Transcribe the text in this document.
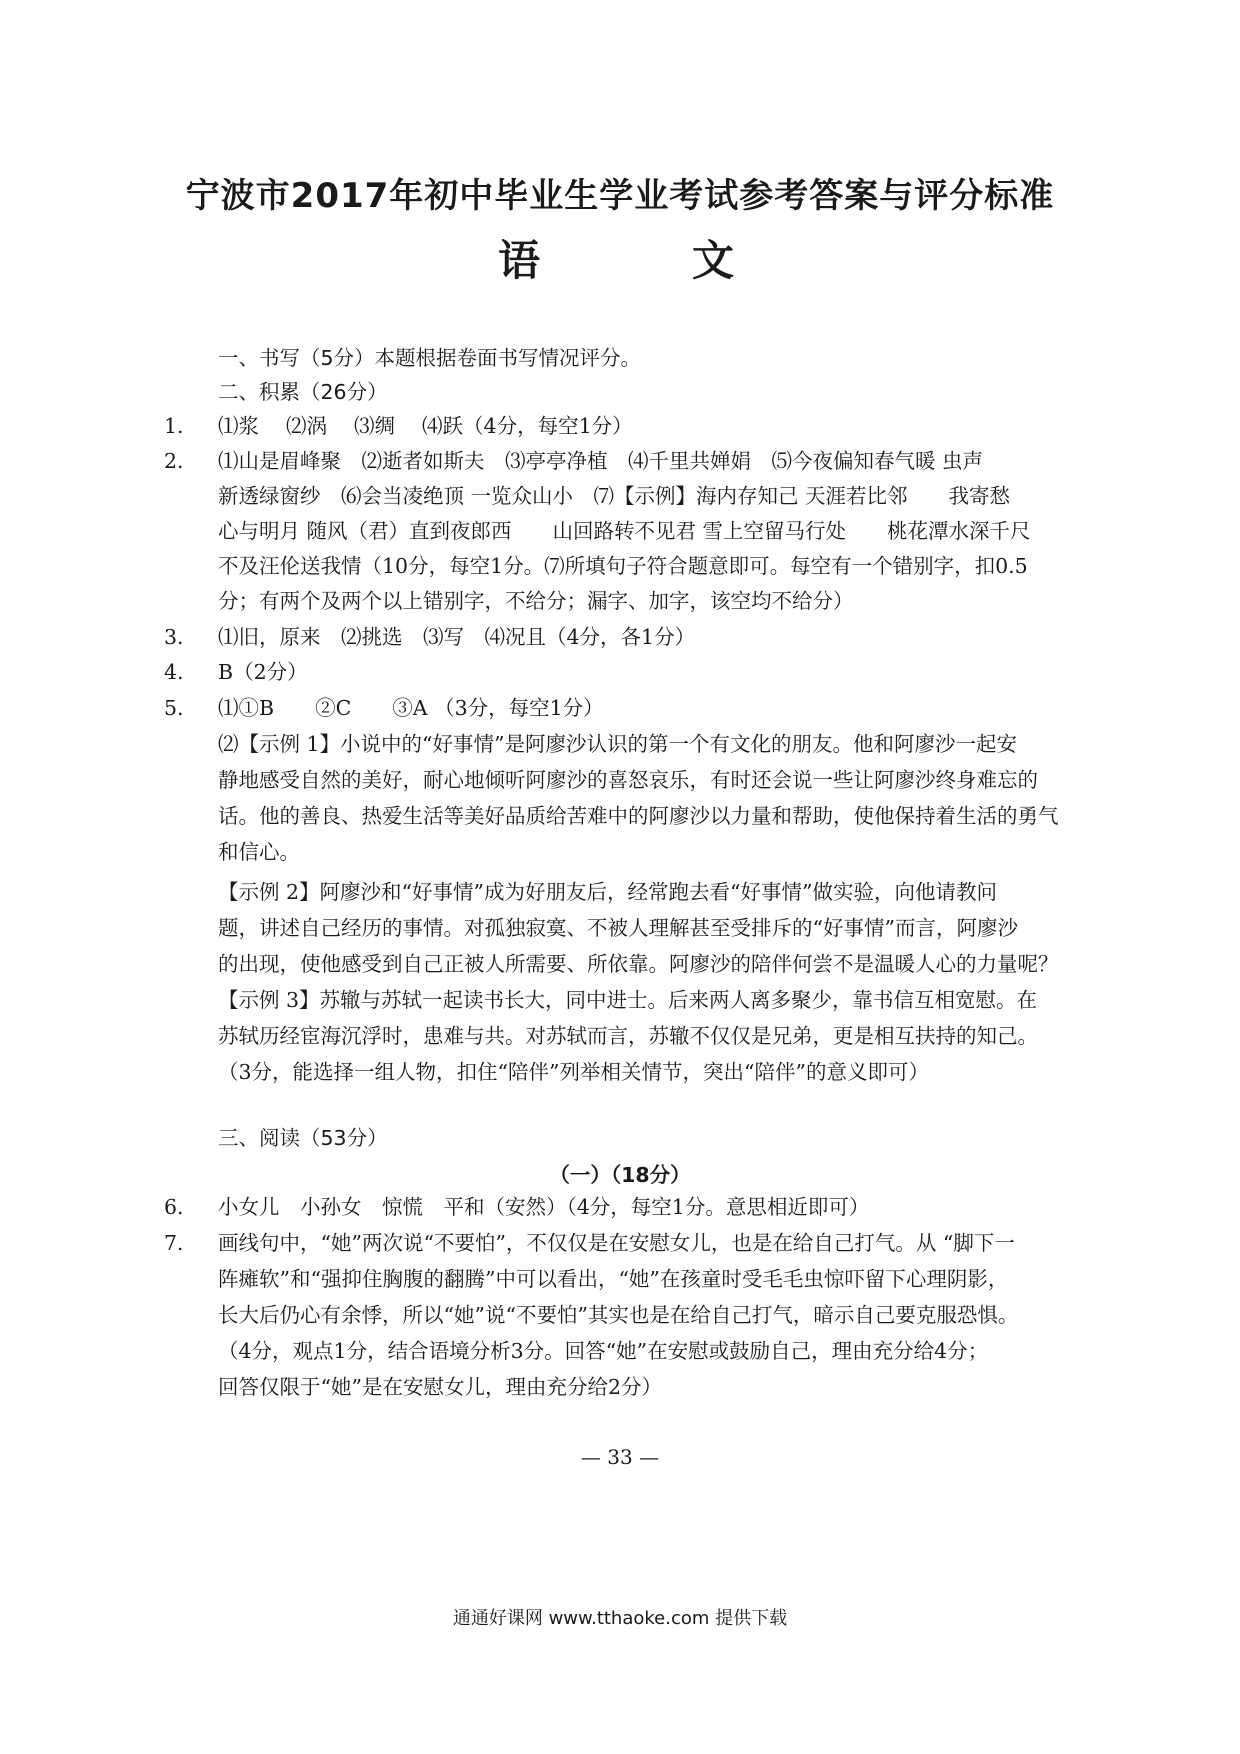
宁波市2017年初中毕业生学业考试参考答案与评分标准
语	文
一、书写（5分）本题根据卷面书写情况评分。
二、积累（26分）
1. ⑴浆　 ⑵涡　 ⑶绸　 ⑷跃（4分，每空1分）
2. ⑴山是眉峰聚　⑵逝者如斯夫　⑶亭亭净植　⑷千里共婵娟　⑸今夜偏知春气暖 虫声
新透绿窗纱　⑹会当凌绝顶 一览众山小　⑺【示例】海内存知己 天涯若比邻　　我寄愁
心与明月 随风（君）直到夜郎西　　山回路转不见君 雪上空留马行处　　桃花潭水深千尺
不及汪伦送我情（10分，每空1分。⑺所填句子符合题意即可。每空有一个错别字，扣0.5
分；有两个及两个以上错别字，不给分；漏字、加字，该空均不给分）
3. ⑴旧，原来　⑵挑选　⑶写　⑷况且（4分，各1分）
4. B（2分）
5. ⑴①B　　②C　　③A （3分，每空1分）
⑵【示例 1】小说中的“好事情”是阿廖沙认识的第一个有文化的朋友。他和阿廖沙一起安
静地感受自然的美好，耐心地倾听阿廖沙的喜怒哀乐，有时还会说一些让阿廖沙终身难忘的
话。他的善良、热爱生活等美好品质给苦难中的阿廖沙以力量和帮助，使他保持着生活的勇气
和信心。
【示例 2】阿廖沙和“好事情”成为好朋友后，经常跑去看“好事情”做实验，向他请教问
题，讲述自己经历的事情。对孤独寂寞、不被人理解甚至受排斥的“好事情”而言，阿廖沙
的出现，使他感受到自己正被人所需要、所依靠。阿廖沙的陪伴何尝不是温暖人心的力量呢？
【示例 3】苏辙与苏轼一起读书长大，同中进士。后来两人离多聚少，靠书信互相宽慰。在
苏轼历经宦海沉浮时，患难与共。对苏轼而言，苏辙不仅仅是兄弟，更是相互扶持的知己。
（3分，能选择一组人物，扣住“陪伴”列举相关情节，突出“陪伴”的意义即可）
三、阅读（53分）
（一）（18分）
6. 小女儿　小孙女　惊慌　平和（安然）（4分，每空1分。意思相近即可）
7. 画线句中，“她”两次说“不要怕”，不仅仅是在安慰女儿，也是在给自己打气。从 “脚下一
阵瘫软”和“强抑住胸腹的翻腾”中可以看出，“她”在孩童时受毛毛虫惊吓留下心理阴影，
长大后仍心有余悸，所以“她”说“不要怕”其实也是在给自己打气，暗示自己要克服恐惧。
（4分，观点1分，结合语境分析3分。回答“她”在安慰或鼓励自己，理由充分给4分；
回答仅限于“她”是在安慰女儿，理由充分给2分）
— 33 —
通通好课网 www.tthaoke.com 提供下载
